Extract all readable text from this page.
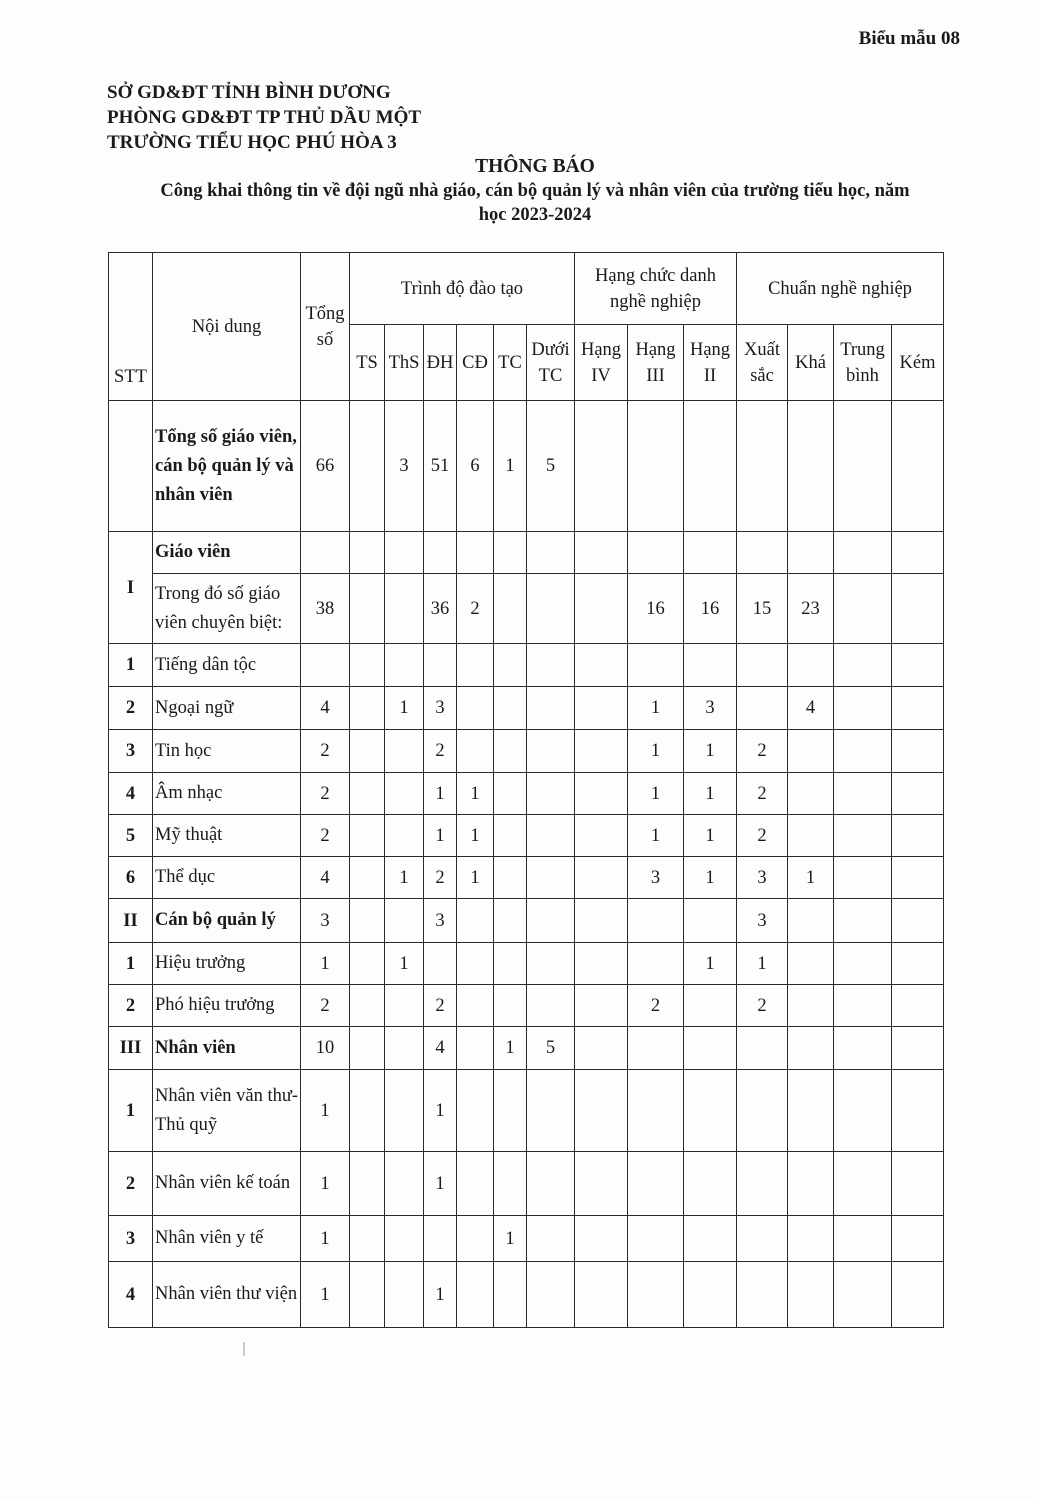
Biểu mẫu 08
SỞ GD&ĐT TỈNH BÌNH DƯƠNG
PHÒNG GD&ĐT TP THỦ DẦU MỘT
TRƯỜNG TIỂU HỌC PHÚ HÒA 3
THÔNG BÁO
Công khai thông tin về đội ngũ nhà giáo, cán bộ quản lý và nhân viên của trường tiểu học, năm
học 2023-2024
STT	Nội dung	Tổng số	Trình độ đào tạo						Hạng chức danh nghề nghiệp			Chuẩn nghề nghiệp			
			TS	ThS	ĐH	CĐ	TC	Dưới TC	Hạng IV	Hạng III	Hạng II	Xuất sắc	Khá	Trung bình	Kém
	Tổng số giáo viên, cán bộ quản lý và nhân viên	66		3	51	6	1	5							
I	Giáo viên														
	Trong đó số giáo viên chuyên biệt:	38			36	2				16	16	15	23		
1	Tiếng dân tộc														
2	Ngoại ngữ	4		1	3					1	3		4		
3	Tin học	2			2					1	1	2			
4	Âm nhạc	2			1	1				1	1	2			
5	Mỹ thuật	2			1	1				1	1	2			
6	Thể dục	4		1	2	1				3	1	3	1		
II	Cán bộ quản lý	3			3							3			
1	Hiệu trưởng	1		1							1	1			
2	Phó hiệu trưởng	2			2					2		2			
III	Nhân viên	10			4		1	5							
1	Nhân viên văn thư- Thủ quỹ	1			1										
2	Nhân viên kế toán	1			1										
3	Nhân viên y tế	1					1								
4	Nhân viên thư viện	1			1										
